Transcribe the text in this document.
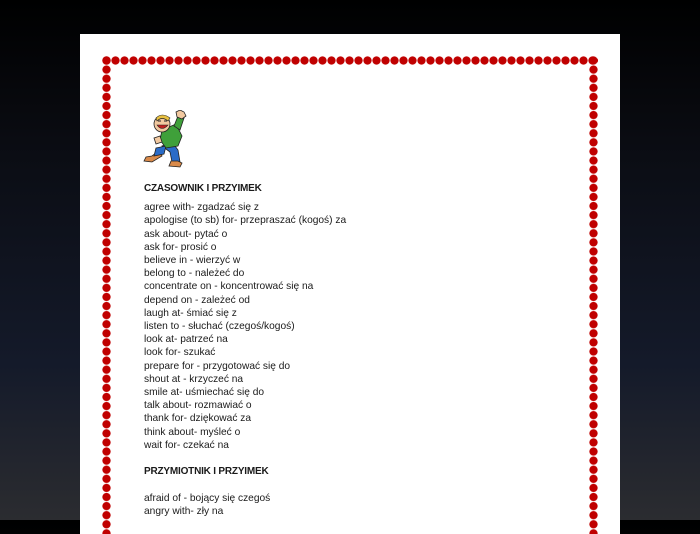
CZASOWNIK I PRZYIMEK
agree with- zgadzać się z
apologise (to sb) for- przepraszać (kogoś) za
ask about- pytać o
ask for- prosić o
believe in - wierzyć w
belong to - należeć do
concentrate on - koncentrować się na
depend on - zależeć od
laugh at- śmiać się z
listen to - słuchać (czegoś/kogoś)
look at- patrzeć na
look for- szukać
prepare for - przygotować się do
shout at - krzyczeć na
smile at- uśmiechać się do
talk about- rozmawiać o
thank for- dziękować za
think about- myśleć o
wait for- czekać na
PRZYMIOTNIK I PRZYIMEK
afraid of - bojący się czegoś
angry with- zły na
